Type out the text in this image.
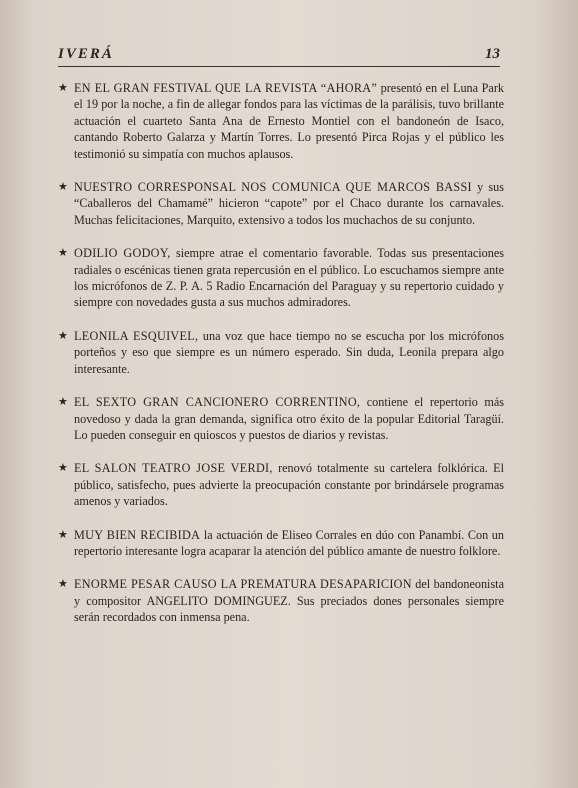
IVERÁ	13
★ EN EL GRAN FESTIVAL QUE LA REVISTA “AHORA” presentó en el Luna Park el 19 por la noche, a fin de allegar fondos para las víctimas de la parálisis, tuvo brillante actuación el cuarteto Santa Ana de Ernesto Montiel con el bandoneón de Isaco, cantando Roberto Galarza y Martín Torres. Lo presentó Pirca Rojas y el público les testimonió su simpatía con muchos aplausos.
★ NUESTRO CORRESPONSAL NOS COMUNICA QUE MARCOS BASSI y sus “Caballeros del Chamamé” hicieron “capote” por el Chaco durante los carnavales. Muchas felicitaciones, Marquito, extensivo a todos los muchachos de su conjunto.
★ ODILIO GODOY, siempre atrae el comentario favorable. Todas sus presentaciones radiales o escénicas tienen grata repercusión en el público. Lo escuchamos siempre ante los micrófonos de Z. P. A. 5 Radio Encarnación del Paraguay y su repertorio cuidado y siempre con novedades gusta a sus muchos admiradores.
★ LEONILA ESQUIVEL, una voz que hace tiempo no se escucha por los micrófonos porteños y eso que siempre es un número esperado. Sin duda, Leonila prepara algo interesante.
★ EL SEXTO GRAN CANCIONERO CORRENTINO, contiene el repertorio más novedoso y dada la gran demanda, significa otro éxito de la popular Editorial Taragüí. Lo pueden conseguir en quioscos y puestos de diarios y revistas.
★ EL SALON TEATRO JOSE VERDI, renovó totalmente su cartelera folklórica. El público, satisfecho, pues advierte la preocupación constante por brindársele programas amenos y variados.
★ MUY BIEN RECIBIDA la actuación de Eliseo Corrales en dúo con Panambí. Con un repertorio interesante logra acaparar la atención del público amante de nuestro folklore.
★ ENORME PESAR CAUSO LA PREMATURA DESAPARICION del bandoneonista y compositor ANGELITO DOMINGUEZ. Sus preciados dones personales siempre serán recordados con inmensa pena.
